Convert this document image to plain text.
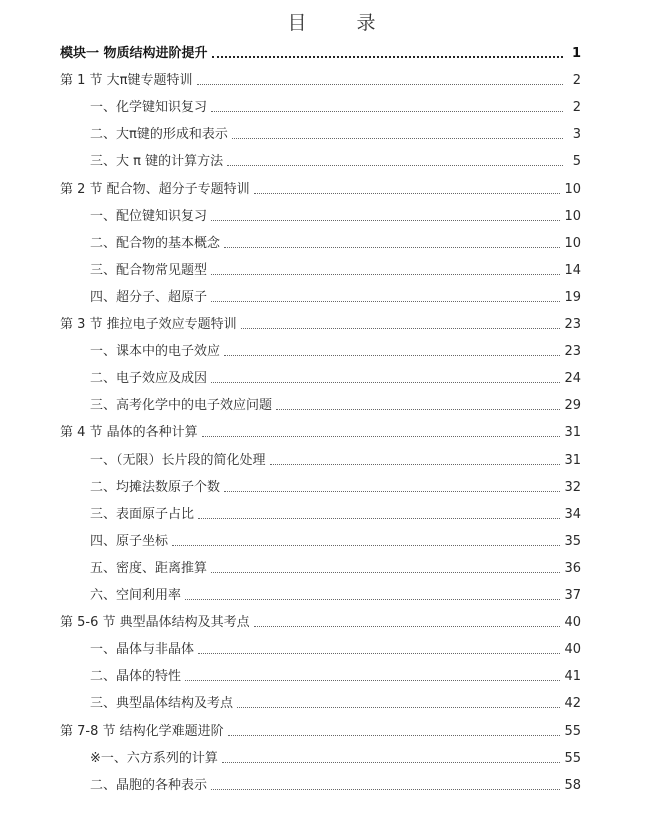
目 录
模块一 物质结构进阶提升	1
第 1 节 大π键专题特训	2
一、化学键知识复习	2
二、大π键的形成和表示	3
三、大 π 键的计算方法	5
第 2 节 配合物、超分子专题特训	10
一、配位键知识复习	10
二、配合物的基本概念	10
三、配合物常见题型	14
四、超分子、超原子	19
第 3 节 推拉电子效应专题特训	23
一、课本中的电子效应	23
二、电子效应及成因	24
三、高考化学中的电子效应问题	29
第 4 节 晶体的各种计算	31
一、（无限）长片段的简化处理	31
二、均摊法数原子个数	32
三、表面原子占比	34
四、原子坐标	35
五、密度、距离推算	36
六、空间利用率	37
第 5-6 节 典型晶体结构及其考点	40
一、晶体与非晶体	40
二、晶体的特性	41
三、典型晶体结构及考点	42
第 7-8 节 结构化学难题进阶	55
※一、六方系列的计算	55
二、晶胞的各种表示	58
